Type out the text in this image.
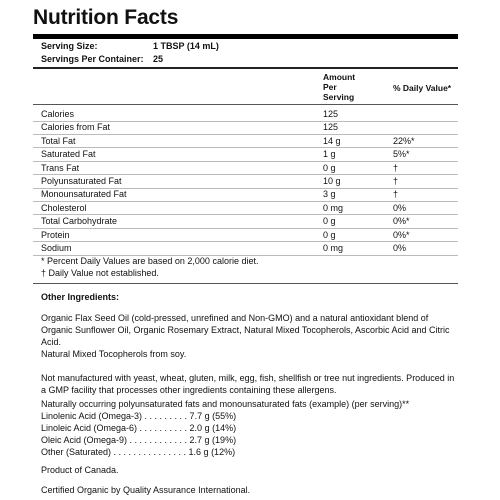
Nutrition Facts
Serving Size:	1 TBSP (14 mL)
Servings Per Container: 25
Amount
Per
Serving
% Daily Value*
Calories	125
Calories from Fat	125
Total Fat	14 g	22%*
Saturated Fat	1 g	5%*
Trans Fat	0 g	†
Polyunsaturated Fat	10 g	†
Monounsaturated Fat	3 g	†
Cholesterol	0 mg	0%
Total Carbohydrate	0 g	0%*
Protein	0 g	0%*
Sodium	0 mg	0%
* Percent Daily Values are based on 2,000 calorie diet.
† Daily Value not established.
Other Ingredients:
Organic Flax Seed Oil (cold-pressed, unrefined and Non-GMO) and a natural antioxidant blend of Organic Sunflower Oil, Organic Rosemary Extract, Natural Mixed Tocopherols, Ascorbic Acid and Citric Acid.
Natural Mixed Tocopherols from soy.
Not manufactured with yeast, wheat, gluten, milk, egg, fish, shellfish or tree nut ingredients. Produced in a GMP facility that processes other ingredients containing these allergens.
Naturally occurring polyunsaturated fats and monounsaturated fats (example) (per serving)**
Linolenic Acid (Omega-3) . . . . . . . . . 7.7 g (55%)
Linoleic Acid (Omega-6) . . . . . . . . . . 2.0 g (14%)
Oleic Acid (Omega-9) . . . . . . . . . . . . 2.7 g (19%)
Other (Saturated) . . . . . . . . . . . . . . . 1.6 g (12%)
Product of Canada.
Certified Organic by Quality Assurance International.
